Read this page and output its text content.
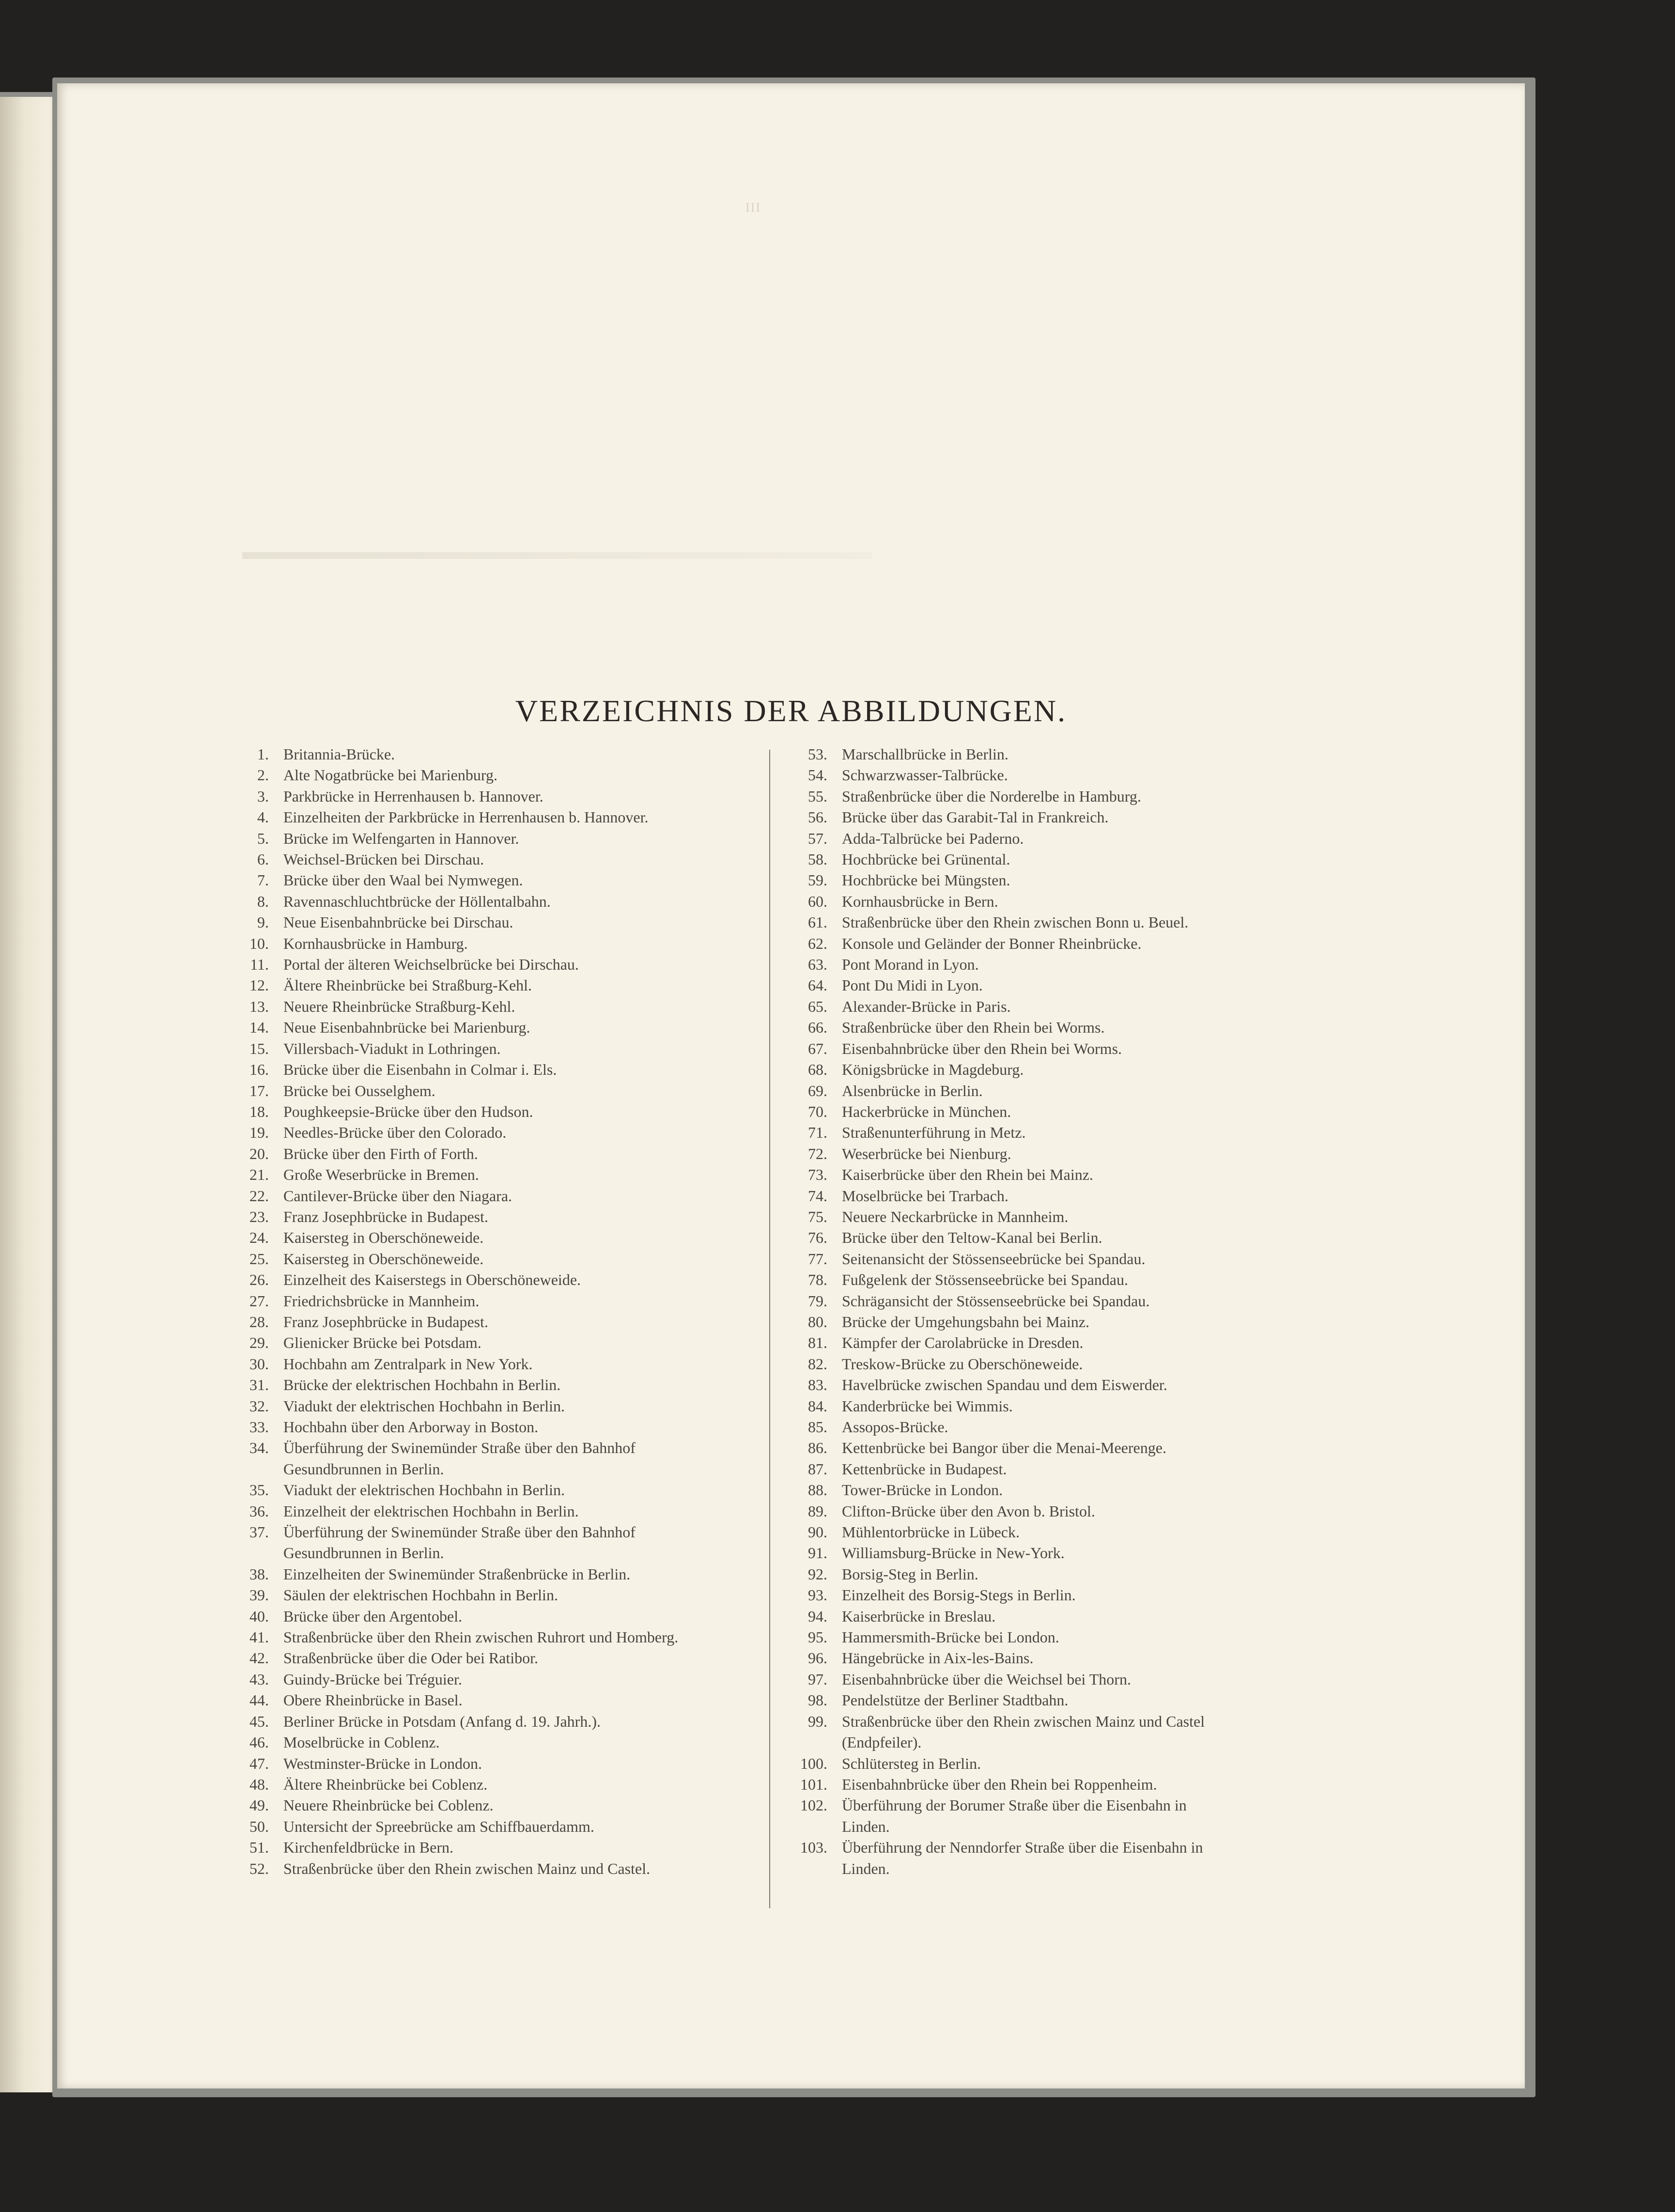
III
VERZEICHNIS DER ABBILDUNGEN.
1. Britannia-Brücke.
2. Alte Nogatbrücke bei Marienburg.
3. Parkbrücke in Herrenhausen b. Hannover.
4. Einzelheiten der Parkbrücke in Herrenhausen b. Hannover.
5. Brücke im Welfengarten in Hannover.
6. Weichsel-Brücken bei Dirschau.
7. Brücke über den Waal bei Nymwegen.
8. Ravennaschluchtbrücke der Höllentalbahn.
9. Neue Eisenbahnbrücke bei Dirschau.
10. Kornhausbrücke in Hamburg.
11. Portal der älteren Weichselbrücke bei Dirschau.
12. Ältere Rheinbrücke bei Straßburg-Kehl.
13. Neuere Rheinbrücke Straßburg-Kehl.
14. Neue Eisenbahnbrücke bei Marienburg.
15. Villersbach-Viadukt in Lothringen.
16. Brücke über die Eisenbahn in Colmar i. Els.
17. Brücke bei Ousselghem.
18. Poughkeepsie-Brücke über den Hudson.
19. Needles-Brücke über den Colorado.
20. Brücke über den Firth of Forth.
21. Große Weserbrücke in Bremen.
22. Cantilever-Brücke über den Niagara.
23. Franz Josephbrücke in Budapest.
24. Kaisersteg in Oberschöneweide.
25. Kaisersteg in Oberschöneweide.
26. Einzelheit des Kaiserstegs in Oberschöneweide.
27. Friedrichsbrücke in Mannheim.
28. Franz Josephbrücke in Budapest.
29. Glienicker Brücke bei Potsdam.
30. Hochbahn am Zentralpark in New York.
31. Brücke der elektrischen Hochbahn in Berlin.
32. Viadukt der elektrischen Hochbahn in Berlin.
33. Hochbahn über den Arborway in Boston.
34. Überführung der Swinemünder Straße über den Bahnhof
Gesundbrunnen in Berlin.
35. Viadukt der elektrischen Hochbahn in Berlin.
36. Einzelheit der elektrischen Hochbahn in Berlin.
37. Überführung der Swinemünder Straße über den Bahnhof
Gesundbrunnen in Berlin.
38. Einzelheiten der Swinemünder Straßenbrücke in Berlin.
39. Säulen der elektrischen Hochbahn in Berlin.
40. Brücke über den Argentobel.
41. Straßenbrücke über den Rhein zwischen Ruhrort und Homberg.
42. Straßenbrücke über die Oder bei Ratibor.
43. Guindy-Brücke bei Tréguier.
44. Obere Rheinbrücke in Basel.
45. Berliner Brücke in Potsdam (Anfang d. 19. Jahrh.).
46. Moselbrücke in Coblenz.
47. Westminster-Brücke in London.
48. Ältere Rheinbrücke bei Coblenz.
49. Neuere Rheinbrücke bei Coblenz.
50. Untersicht der Spreebrücke am Schiffbauerdamm.
51. Kirchenfeldbrücke in Bern.
52. Straßenbrücke über den Rhein zwischen Mainz und Castel.
53. Marschallbrücke in Berlin.
54. Schwarzwasser-Talbrücke.
55. Straßenbrücke über die Norderelbe in Hamburg.
56. Brücke über das Garabit-Tal in Frankreich.
57. Adda-Talbrücke bei Paderno.
58. Hochbrücke bei Grünental.
59. Hochbrücke bei Müngsten.
60. Kornhausbrücke in Bern.
61. Straßenbrücke über den Rhein zwischen Bonn u. Beuel.
62. Konsole und Geländer der Bonner Rheinbrücke.
63. Pont Morand in Lyon.
64. Pont Du Midi in Lyon.
65. Alexander-Brücke in Paris.
66. Straßenbrücke über den Rhein bei Worms.
67. Eisenbahnbrücke über den Rhein bei Worms.
68. Königsbrücke in Magdeburg.
69. Alsenbrücke in Berlin.
70. Hackerbrücke in München.
71. Straßenunterführung in Metz.
72. Weserbrücke bei Nienburg.
73. Kaiserbrücke über den Rhein bei Mainz.
74. Moselbrücke bei Trarbach.
75. Neuere Neckarbrücke in Mannheim.
76. Brücke über den Teltow-Kanal bei Berlin.
77. Seitenansicht der Stössenseebrücke bei Spandau.
78. Fußgelenk der Stössenseebrücke bei Spandau.
79. Schrägansicht der Stössenseebrücke bei Spandau.
80. Brücke der Umgehungsbahn bei Mainz.
81. Kämpfer der Carolabrücke in Dresden.
82. Treskow-Brücke zu Oberschöneweide.
83. Havelbrücke zwischen Spandau und dem Eiswerder.
84. Kanderbrücke bei Wimmis.
85. Assopos-Brücke.
86. Kettenbrücke bei Bangor über die Menai-Meerenge.
87. Kettenbrücke in Budapest.
88. Tower-Brücke in London.
89. Clifton-Brücke über den Avon b. Bristol.
90. Mühlentorbrücke in Lübeck.
91. Williamsburg-Brücke in New-York.
92. Borsig-Steg in Berlin.
93. Einzelheit des Borsig-Stegs in Berlin.
94. Kaiserbrücke in Breslau.
95. Hammersmith-Brücke bei London.
96. Hängebrücke in Aix-les-Bains.
97. Eisenbahnbrücke über die Weichsel bei Thorn.
98. Pendelstütze der Berliner Stadtbahn.
99. Straßenbrücke über den Rhein zwischen Mainz und Castel
(Endpfeiler).
100. Schlütersteg in Berlin.
101. Eisenbahnbrücke über den Rhein bei Roppenheim.
102. Überführung der Borumer Straße über die Eisenbahn in
Linden.
103. Überführung der Nenndorfer Straße über die Eisenbahn in
Linden.
